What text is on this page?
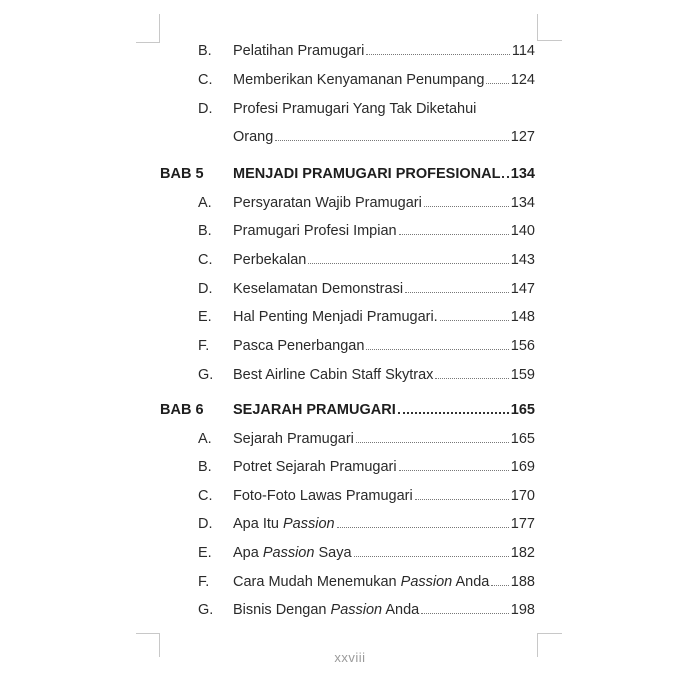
B.	Pelatihan Pramugari	114
C.	Memberikan Kenyamanan Penumpang 124
D.	Profesi Pramugari Yang Tak Diketahui
Orang	127
BAB 5	MENJADI PRAMUGARI PROFESIONAL 134
A.	Persyaratan Wajib Pramugari	134
B.	Pramugari Profesi Impian	140
C.	Perbekalan	143
D.	Keselamatan Demonstrasi	147
E.	Hal Penting Menjadi Pramugari.	148
F.	Pasca Penerbangan	156
G.	Best Airline Cabin Staff Skytrax	159
BAB 6	SEJARAH PRAMUGARI	165
A.	Sejarah Pramugari	165
B.	Potret Sejarah Pramugari	169
C.	Foto-Foto Lawas Pramugari	170
D.	Apa Itu Passion	177
E.	Apa Passion Saya	182
F.	Cara Mudah Menemukan Passion Anda 188
G.	Bisnis Dengan Passion Anda	198
xxviii
